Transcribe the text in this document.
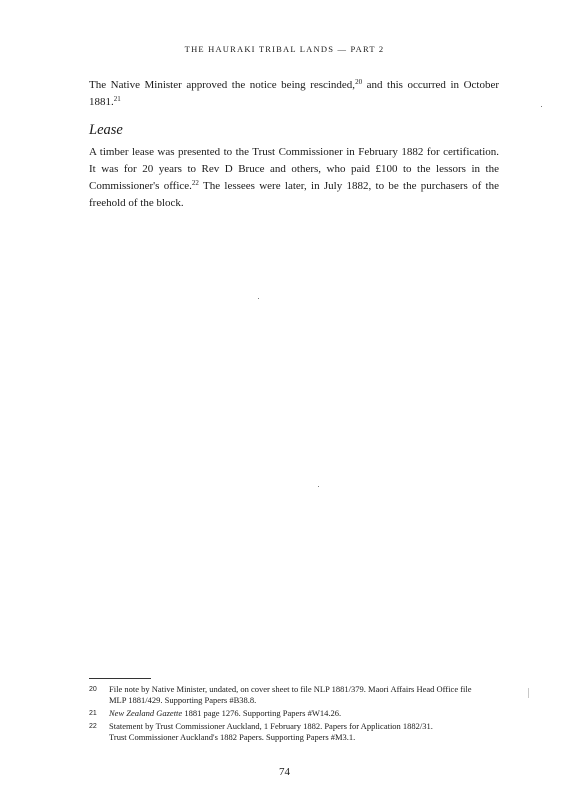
THE HAURAKI TRIBAL LANDS — PART 2
The Native Minister approved the notice being rescinded,$^{20}$ and this occurred in October 1881.21
Lease
A timber lease was presented to the Trust Commissioner in February 1882 for certification. It was for 20 years to Rev D Bruce and others, who paid £100 to the lessors in the Commissioner's office.$^{22}$ The lessees were later, in July 1882, to be the purchasers of the freehold of the block.
20 File note by Native Minister, undated, on cover sheet to file NLP 1881/379. Maori Affairs Head Office file
MLP 1881/429. Supporting Papers #B38.8.
21 New Zealand Gazette 1881 page 1276. Supporting Papers #W14.26.
22 Statement by Trust Commissioner Auckland, 1 February 1882. Papers for Application 1882/31.
Trust Commissioner Auckland's 1882 Papers. Supporting Papers #M3.1.
74
